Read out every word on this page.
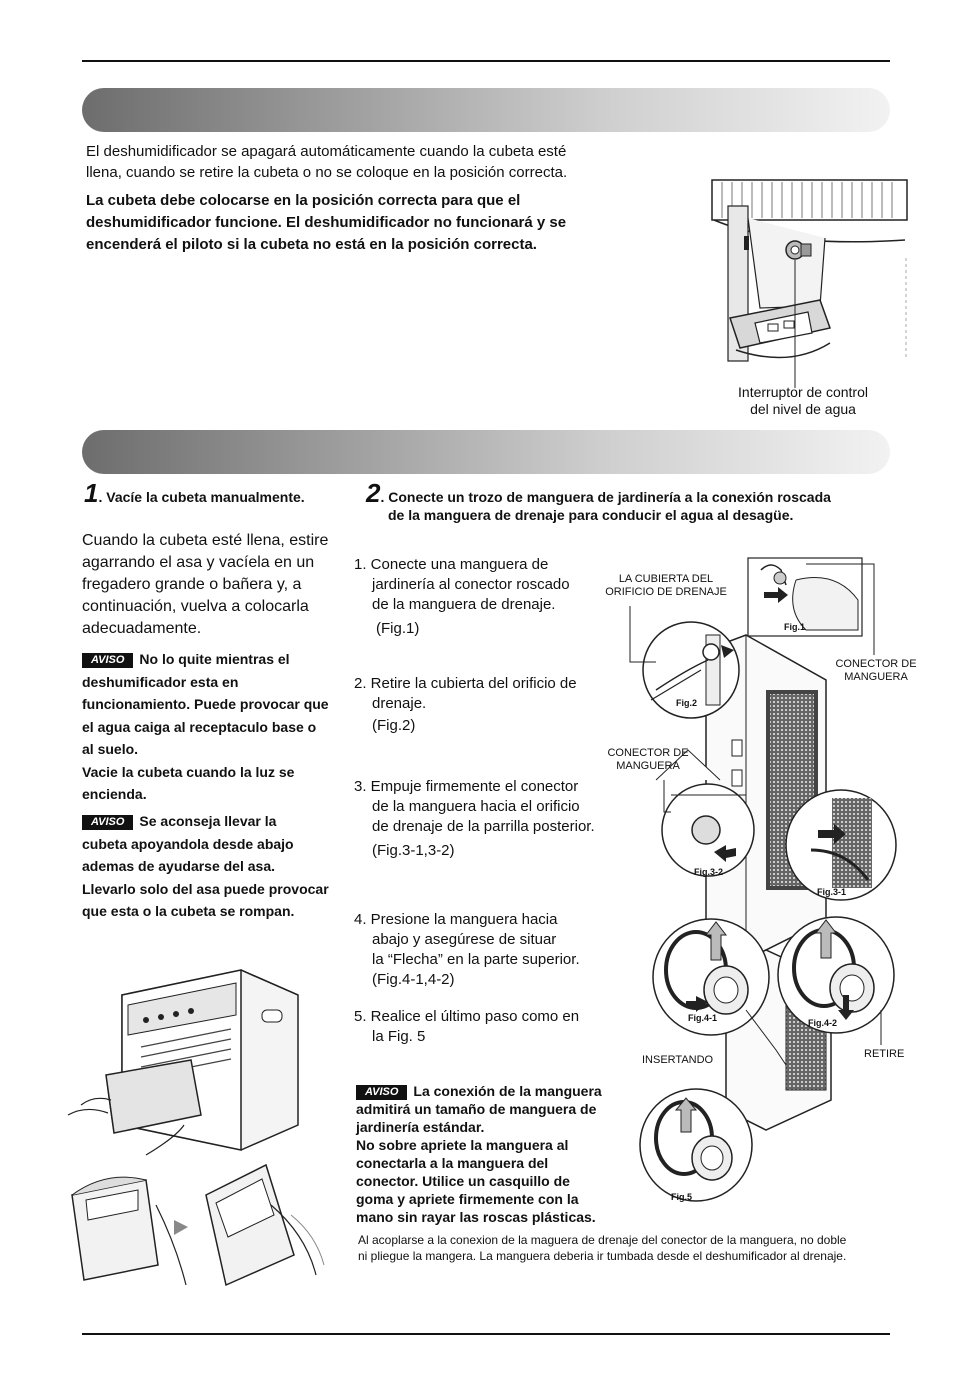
El deshumidificador se apagará automáticamente cuando la cubeta esté
llena, cuando se retire la cubeta o no se coloque en la posición correcta.
La cubeta debe colocarse en la posición correcta para que el
deshumidificador funcione. El deshumidificador no funcionará y se
encenderá el piloto si la cubeta no está en la posición correcta.
Interruptor de control
del nivel de agua
1. Vacíe la cubeta manualmente.
Cuando la cubeta esté llena, estire
agarrando el asa y vacíela en un
fregadero grande o bañera y, a
continuación, vuelva a colocarla
adecuadamente.
AVISO No lo quite mientras el
deshumificador esta en
funcionamiento. Puede provocar que
el agua caiga al receptaculo base o
al suelo.
Vacie la cubeta cuando la luz se
encienda.
AVISO Se aconseja llevar la
cubeta apoyandola desde abajo
ademas de ayudarse del asa.
Llevarlo solo del asa puede provocar
que esta o la cubeta se rompan.
2. Conecte un trozo de manguera de jardinería a la conexión roscada
de la manguera de drenaje para conducir el agua al desagüe.
1. Conecte una manguera de
jardinería al conector roscado
de la manguera de drenaje.
(Fig.1)
2. Retire la cubierta del orificio de
drenaje.
(Fig.2)
3. Empuje firmemente el conector
de la manguera hacia el orificio
de drenaje de la parrilla posterior.
(Fig.3-1,3-2)
4. Presione la manguera hacia
abajo y asegúrese de situar
la “Flecha” en la parte superior.
(Fig.4-1,4-2)
5. Realice el último paso como en
la Fig. 5
AVISO La conexión de la manguera
admitirá un tamaño de manguera de
jardinería estándar.
No sobre apriete la manguera al
conectarla a la manguera del
conector. Utilice un casquillo de
goma y apriete firmemente con la
mano sin rayar las roscas plásticas.
Al acoplarse a la conexion de la maguera de drenaje del conector de la manguera, no doble
ni pliegue la mangera. La manguera deberia ir tumbada desde el deshumificador al drenaje.
Fig.1
Fig.2
Fig.3-2
Fig.3-1
Fig.4-1	Fig.4-2
Fig.5
LA CUBIERTA DEL
ORIFICIO DE DRENAJE
CONECTOR DE
MANGUERA
CONECTOR DE
MANGUERA
INSERTANDO	RETIRE
